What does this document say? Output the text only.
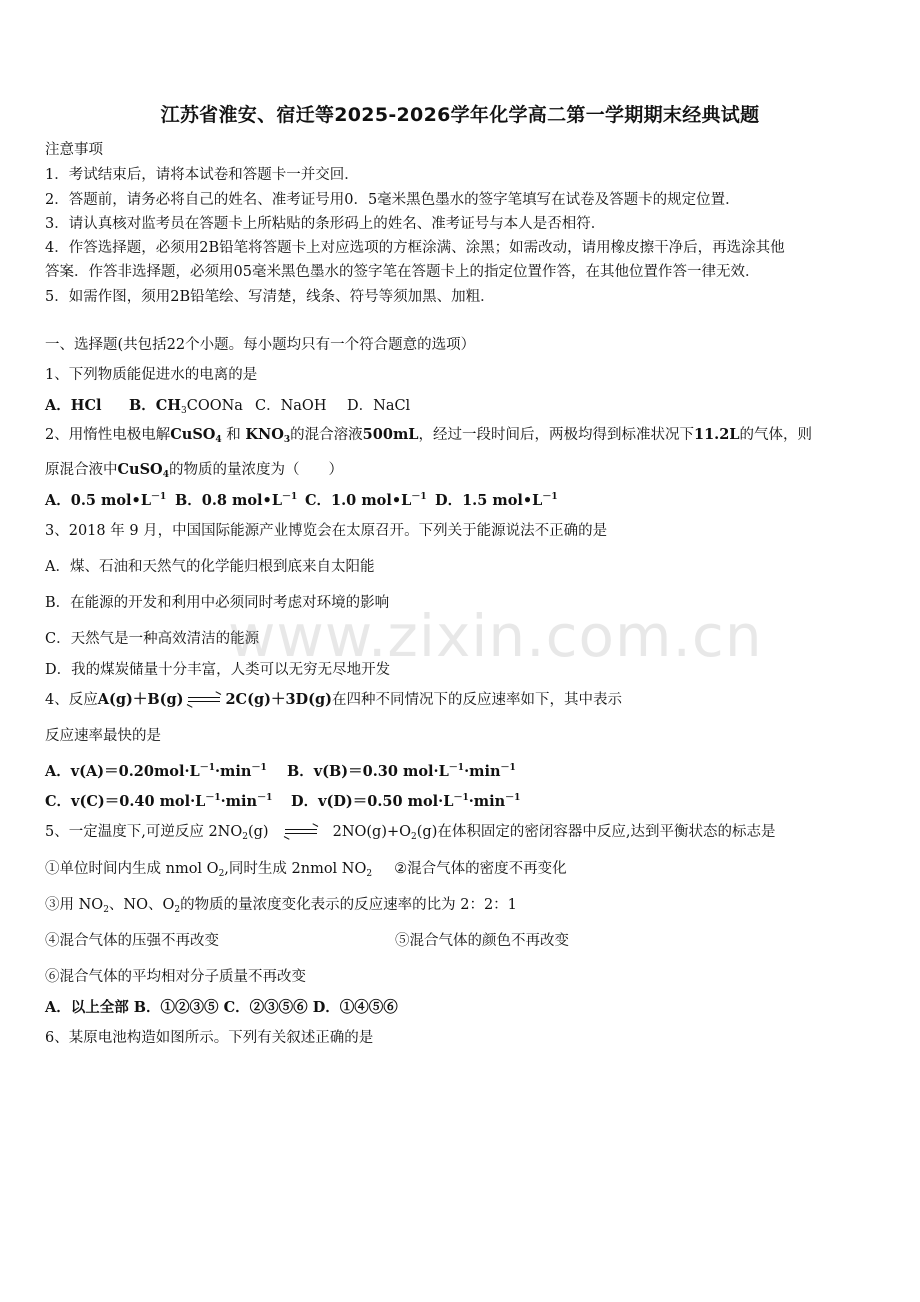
江苏省淮安、宿迁等2025-2026学年化学高二第一学期期末经典试题
注意事项
1．考试结束后，请将本试卷和答题卡一并交回．
2．答题前，请务必将自己的姓名、准考证号用0．5毫米黑色墨水的签字笔填写在试卷及答题卡的规定位置．
3．请认真核对监考员在答题卡上所粘贴的条形码上的姓名、准考证号与本人是否相符．
4．作答选择题，必须用2B铅笔将答题卡上对应选项的方框涂满、涂黑；如需改动，请用橡皮擦干净后，再选涂其他
答案．作答非选择题，必须用05毫米黑色墨水的签字笔在答题卡上的指定位置作答，在其他位置作答一律无效．
5．如需作图，须用2B铅笔绘、写清楚，线条、符号等须加黑、加粗．
一、选择题(共包括22个小题。每小题均只有一个符合题意的选项）
1、下列物质能促进水的电离的是
A．HCl B．$CH_3COONa$ C．NaOH D．NaCl
2、用惰性电极电解CuSO$_4$ 和 $KNO_3$的混合溶液500mL，经过一段时间后，两极均得到标准状况下11.2L的气体，则
原混合液中CuSO$_4$的物质的量浓度为（　　）
A．0.5 $mol•L^{-1}$ B．0.8 $mol•L^{-1}$ C．1.0 $mol•L^{-1}$ D．1.5 $mol•L^{-1}$
3、2018 年 9 月，中国国际能源产业博览会在太原召开。下列关于能源说法不正确的是
A．煤、石油和天然气的化学能归根到底来自太阳能
B．在能源的开发和利用中必须同时考虑对环境的影响
C．天然气是一种高效清洁的能源
D．我的煤炭储量十分丰富，人类可以无穷无尽地开发
4、反应A(g)＋B(g)	2C(g)＋3D(g)在四种不同情况下的反应速率如下，其中表示
反应速率最快的是
A．$v(A)=0.20mol\cdot L^{-1}\cdot\min^{-1}$ B．v(B)＝0.30 $mol\cdot L^{-1}\cdot\min^{-1}$
C．v(C)＝0.40 $mol\cdot L^{-1}\cdot\min^{-1}$ D．v(D)＝0.50 $mol\cdot L^{-1}\cdot\min^{-1}$
5、一定温度下,可逆反应 $2NO_2(g)$	$2NO(g)+O_2(g)$在体积固定的密闭容器中反应,达到平衡状态的标志是
①单位时间内生成 nmol $O_2$,同时生成 2nmol $NO_2$ ②混合气体的密度不再变化
③用 $NO_2$、NO、$O_2$的物质的量浓度变化表示的反应速率的比为 2：2：1
④混合气体的压强不再改变	⑤混合气体的颜色不再改变
⑥混合气体的平均相对分子质量不再改变
A．以上全部 B．①②③⑤ C．②③⑤⑥ D．①④⑤⑥
6、某原电池构造如图所示。下列有关叙述正确的是
www.zixin.com.cn
